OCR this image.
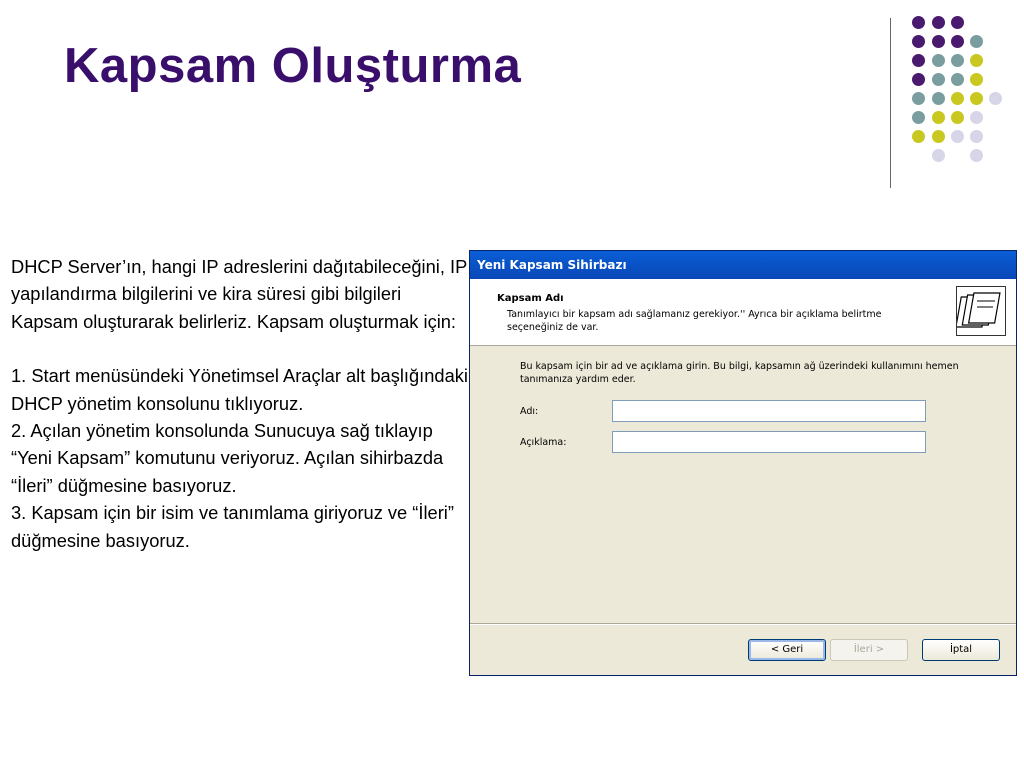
Kapsam Oluşturma

DHCP Server’ın, hangi IP adreslerini dağıtabileceğini, IP yapılandırma bilgilerini ve kira süresi gibi bilgileri Kapsam oluşturarak belirleriz. Kapsam oluşturmak için:

1. Start menüsündeki Yönetimsel Araçlar alt başlığındaki DHCP yönetim konsolunu tıklıyoruz.

2. Açılan yönetim konsolunda Sunucuya sağ tıklayıp “Yeni Kapsam” komutunu veriyoruz. Açılan sihirbazda “İleri” düğmesine basıyoruz.

3. Kapsam için bir isim ve tanımlama giriyoruz ve “İleri” düğmesine basıyoruz.

Yeni Kapsam Sihirbazı
Kapsam Adı
Tanımlayıcı bir kapsam adı sağlamanız gerekiyor.'' Ayrıca bir açıklama belirtme seçeneğiniz de var.
Bu kapsam için bir ad ve açıklama girin. Bu bilgi, kapsamın ağ üzerindeki kullanımını hemen tanımanıza yardım eder.
Adı:
Açıklama:
< Geri	İleri >	İptal
